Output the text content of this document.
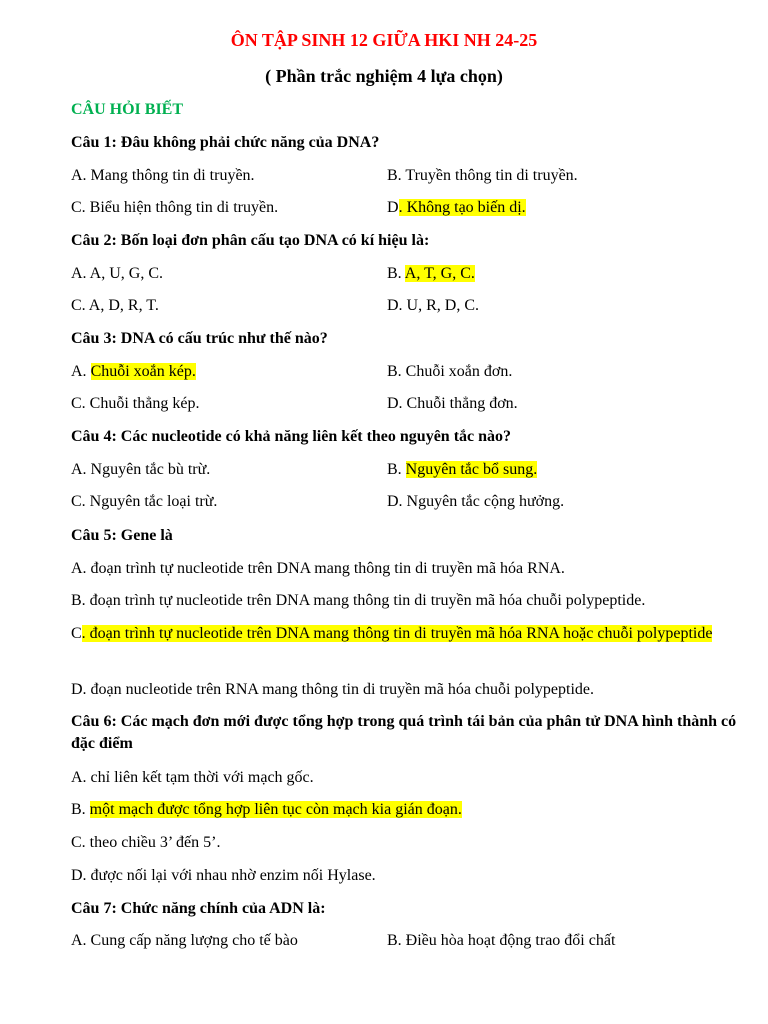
ÔN TẬP SINH 12 GIỮA HKI NH 24-25
( Phần trắc nghiệm 4 lựa chọn)
CÂU HỎI BIẾT
Câu 1: Đâu không phải chức năng của DNA?
A. Mang thông tin di truyền.	B. Truyền thông tin di truyền.
C. Biểu hiện thông tin di truyền.	D. Không tạo biến dị.
Câu 2: Bốn loại đơn phân cấu tạo DNA có kí hiệu là:
A. A, U, G, C.	B. A, T, G, C.
C. A, D, R, T.	D. U, R, D, C.
Câu 3: DNA có cấu trúc như thế nào?
A. Chuỗi xoắn kép.	B. Chuỗi xoắn đơn.
C. Chuỗi thẳng kép.	D. Chuỗi thẳng đơn.
Câu 4: Các nucleotide có khả năng liên kết theo nguyên tắc nào?
A. Nguyên tắc bù trừ.	B. Nguyên tắc bổ sung.
C. Nguyên tắc loại trừ.	D. Nguyên tắc cộng hưởng.
Câu 5: Gene là
A. đoạn trình tự nucleotide trên DNA mang thông tin di truyền mã hóa RNA.
B. đoạn trình tự nucleotide trên DNA mang thông tin di truyền mã hóa chuỗi polypeptide.
C. đoạn trình tự nucleotide trên DNA mang thông tin di truyền mã hóa RNA hoặc chuỗi polypeptide
D. đoạn nucleotide trên RNA mang thông tin di truyền mã hóa chuỗi polypeptide.
Câu 6: Các mạch đơn mới được tổng hợp trong quá trình tái bản của phân tử DNA hình thành có đặc điểm
A. chỉ liên kết tạm thời với mạch gốc.
B. một mạch được tổng hợp liên tục còn mạch kia gián đoạn.
C. theo chiều 3’ đến 5’.
D. được nối lại với nhau nhờ enzim nối Hylase.
Câu 7: Chức năng chính của ADN là:
A. Cung cấp năng lượng cho tế bào	B. Điều hòa hoạt động trao đổi chất
